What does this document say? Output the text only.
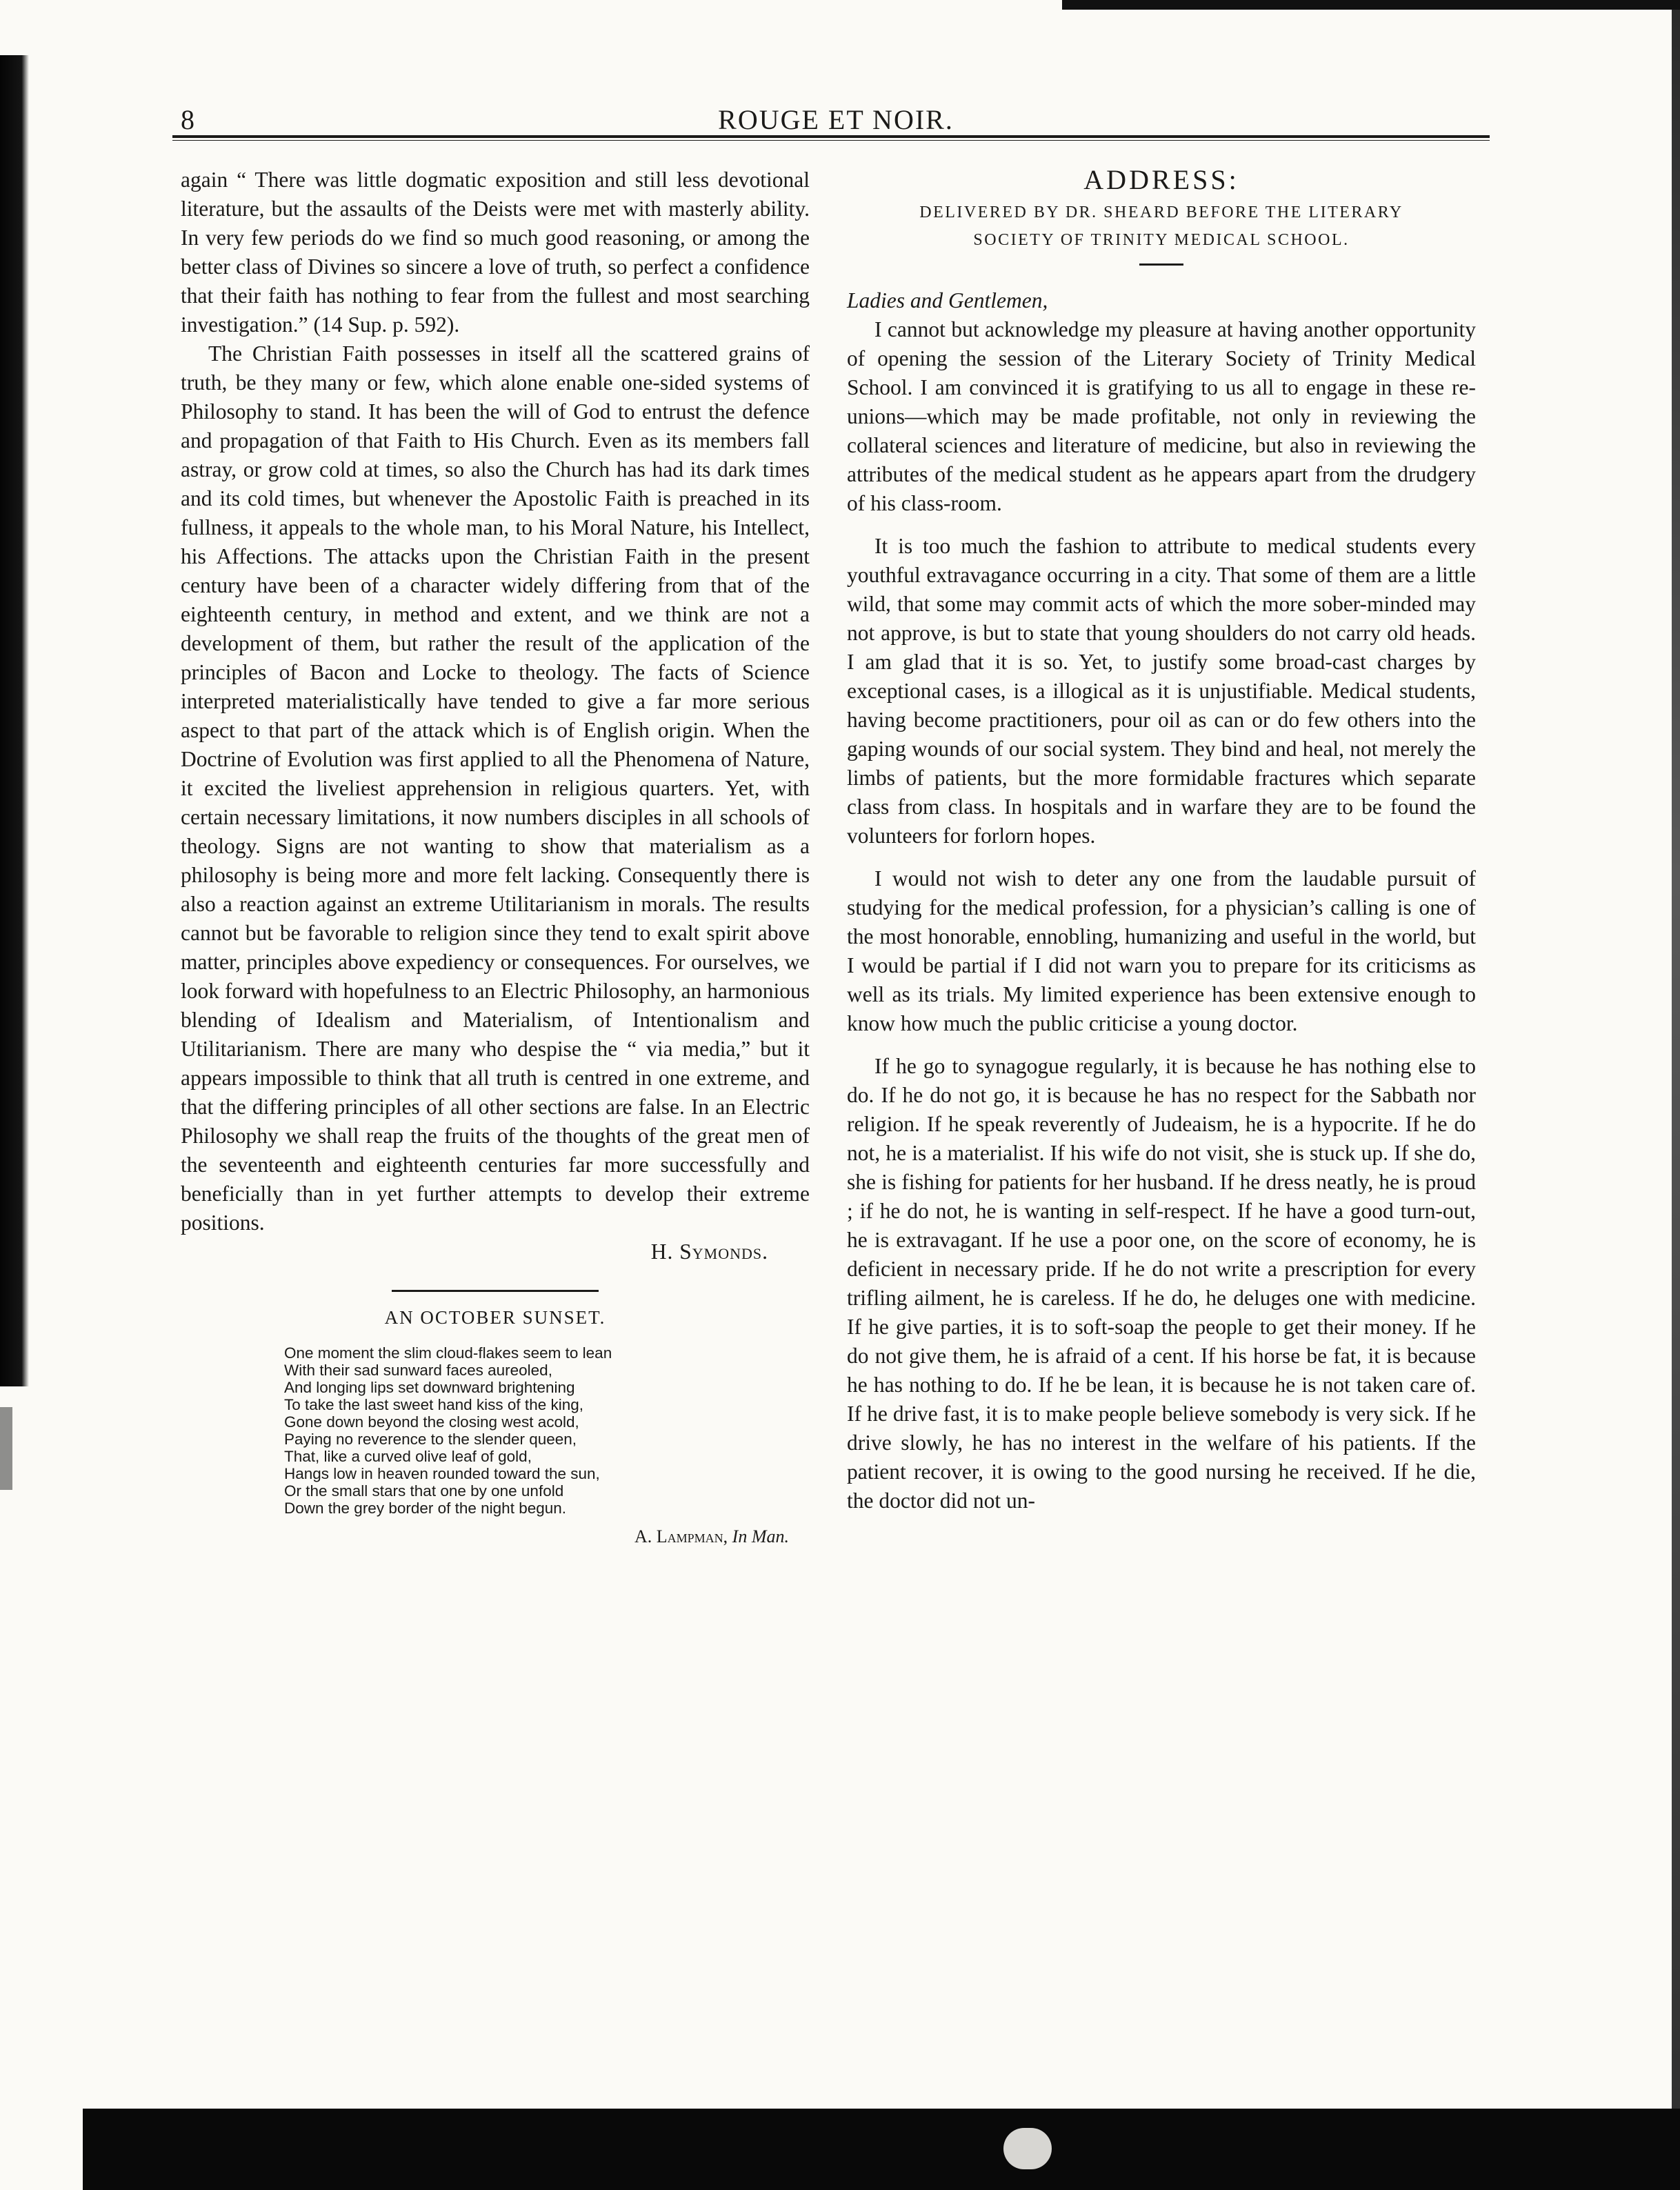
8	ROUGE ET NOIR.

again “ There was little dogmatic exposition and still less devotional literature, but the assaults of the Deists were met with masterly ability. In very few periods do we find so much good reasoning, or among the better class of Divines so sincere a love of truth, so perfect a confidence that their faith has nothing to fear from the fullest and most searching investigation.” (14 Sup. p. 592).

The Christian Faith possesses in itself all the scattered grains of truth, be they many or few, which alone enable one-sided systems of Philosophy to stand. It has been the will of God to entrust the defence and propagation of that Faith to His Church. Even as its members fall astray, or grow cold at times, so also the Church has had its dark times and its cold times, but whenever the Apostolic Faith is preached in its fullness, it appeals to the whole man, to his Moral Nature, his Intellect, his Affections. The attacks upon the Christian Faith in the present century have been of a character widely differing from that of the eighteenth century, in method and extent, and we think are not a development of them, but rather the result of the application of the principles of Bacon and Locke to theology. The facts of Science interpreted materialistically have tended to give a far more serious aspect to that part of the attack which is of English origin. When the Doctrine of Evolution was first applied to all the Phenomena of Nature, it excited the liveliest apprehension in religious quarters. Yet, with certain necessary limitations, it now numbers disciples in all schools of theology. Signs are not wanting to show that materialism as a philosophy is being more and more felt lacking. Consequently there is also a reaction against an extreme Utilitarianism in morals. The results cannot but be favorable to religion since they tend to exalt spirit above matter, principles above expediency or consequences. For ourselves, we look forward with hopefulness to an Electric Philosophy, an harmonious blending of Idealism and Materialism, of Intentionalism and Utilitarianism. There are many who despise the “ via media,” but it appears impossible to think that all truth is centred in one extreme, and that the differing principles of all other sections are false. In an Electric Philosophy we shall reap the fruits of the thoughts of the great men of the seventeenth and eighteenth centuries far more successfully and beneficially than in yet further attempts to develop their extreme positions.

H. Symonds.

AN OCTOBER SUNSET.
One moment the slim cloud-flakes seem to lean
With their sad sunward faces aureoled,
And longing lips set downward brightening
To take the last sweet hand kiss of the king,
Gone down beyond the closing west acold,
Paying no reverence to the slender queen,
That, like a curved olive leaf of gold,
Hangs low in heaven rounded toward the sun,
Or the small stars that one by one unfold
Down the grey border of the night begun.
A. Lampman, In Man.
ADDRESS:
DELIVERED BY DR. SHEARD BEFORE THE LITERARY
SOCIETY OF TRINITY MEDICAL SCHOOL.

Ladies and Gentlemen,

I cannot but acknowledge my pleasure at having another opportunity of opening the session of the Literary Society of Trinity Medical School. I am convinced it is gratifying to us all to engage in these re-unions—which may be made profitable, not only in reviewing the collateral sciences and literature of medicine, but also in reviewing the attributes of the medical student as he appears apart from the drudgery of his class-room.

It is too much the fashion to attribute to medical students every youthful extravagance occurring in a city. That some of them are a little wild, that some may commit acts of which the more sober-minded may not approve, is but to state that young shoulders do not carry old heads. I am glad that it is so. Yet, to justify some broad-cast charges by exceptional cases, is a illogical as it is unjustifiable. Medical students, having become practitioners, pour oil as can or do few others into the gaping wounds of our social system. They bind and heal, not merely the limbs of patients, but the more formidable fractures which separate class from class. In hospitals and in warfare they are to be found the volunteers for forlorn hopes.

I would not wish to deter any one from the laudable pursuit of studying for the medical profession, for a physician’s calling is one of the most honorable, ennobling, humanizing and useful in the world, but I would be partial if I did not warn you to prepare for its criticisms as well as its trials. My limited experience has been extensive enough to know how much the public criticise a young doctor.

If he go to synagogue regularly, it is because he has nothing else to do. If he do not go, it is because he has no respect for the Sabbath nor religion. If he speak reverently of Judeaism, he is a hypocrite. If he do not, he is a materialist. If his wife do not visit, she is stuck up. If she do, she is fishing for patients for her husband. If he dress neatly, he is proud ; if he do not, he is wanting in self-respect. If he have a good turn-out, he is extravagant. If he use a poor one, on the score of economy, he is deficient in necessary pride. If he do not write a prescription for every trifling ailment, he is careless. If he do, he deluges one with medicine. If he give parties, it is to soft-soap the people to get their money. If he do not give them, he is afraid of a cent. If his horse be fat, it is because he has nothing to do. If he be lean, it is because he is not taken care of. If he drive fast, it is to make people believe somebody is very sick. If he drive slowly, he has no interest in the welfare of his patients. If the patient recover, it is owing to the good nursing he received. If he die, the doctor did not un-
